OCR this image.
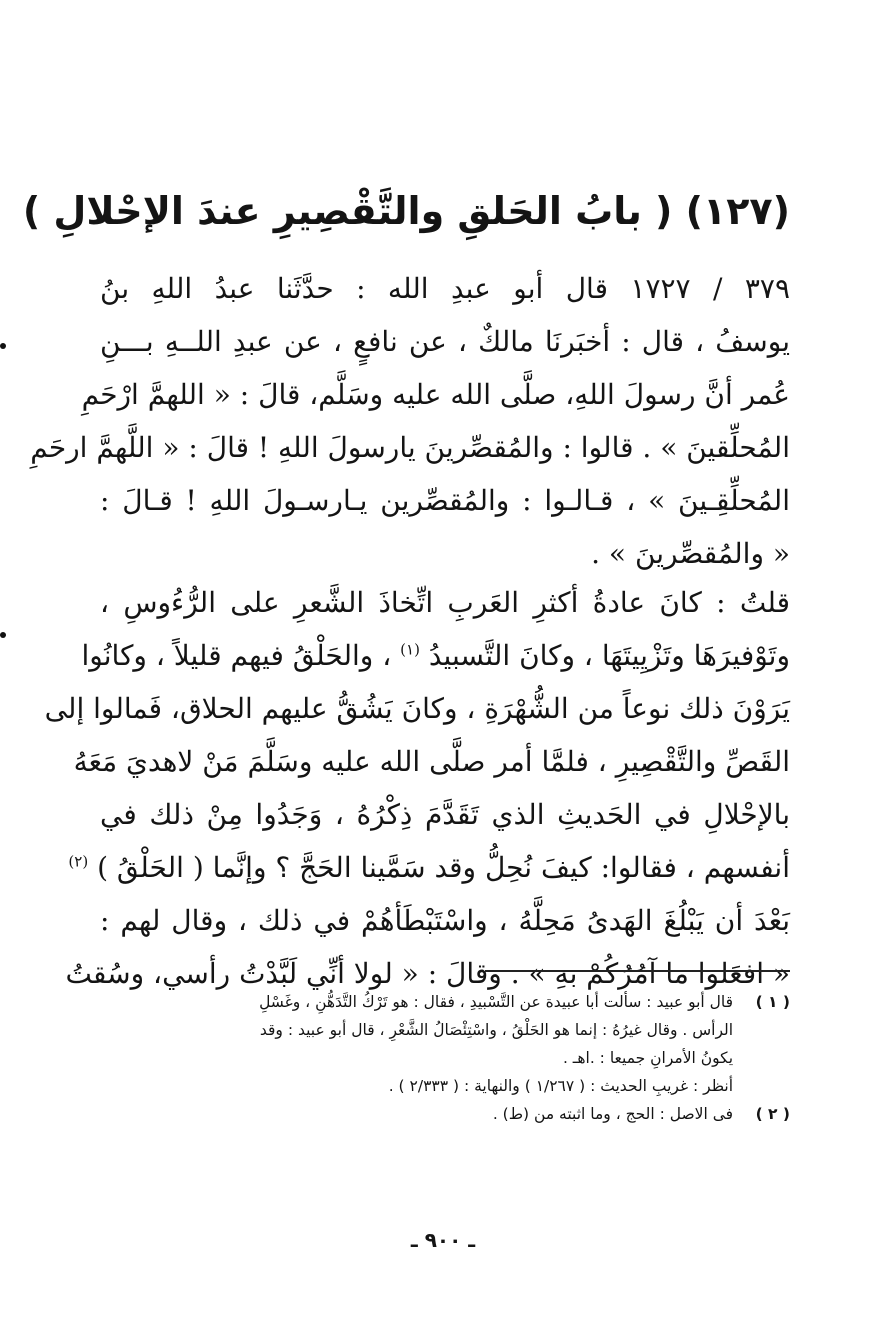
(١٢٧) ( بابُ الحَلقِ والتَّقْصِيرِ عندَ الإحْلالِ )
٣٧٩ / ١٧٢٧ قال أبو عبدِ الله : حدَّثَنا عبدُ اللهِ بنُ
يوسفُ ، قال : أخبَرنَا مالكٌ ، عن نافعٍ ، عن عبدِ اللــهِ بـــنِ
عُمر أنَّ رسولَ اللهِ، صلَّى الله عليه وسَلَّم، قالَ : « اللهمَّ ارْحَمِ
المُحلِّقينَ » . قالوا : والمُقصِّرينَ يارسولَ اللهِ ! قالَ : « اللَّهمَّ ارحَمِ
المُحلِّقِـينَ » ، قـالـوا : والمُقصِّرين يـارسـولَ اللهِ ! قـالَ :
« والمُقصِّرينَ » .
قلتُ : كانَ عادةُ أكثرِ العَربِ اتِّخاذَ الشَّعرِ على الرُّءُوسِ ،
وتَوْفيرَهَا وتَزْيِيتَهَا ، وكانَ التَّسبيدُ $^{(١)}$ ، والحَلْقُ فيهم قليلاً ، وكانُوا
يَرَوْنَ ذلك نوعاً من الشُّهْرَةِ ، وكانَ يَشُقُّ عليهم الحلاق، فَمالوا إلى
القَصِّ والتَّقْصِيرِ ، فلمَّا أمر صلَّى الله عليه وسَلَّمَ مَنْ لاهديَ مَعَهُ
بالإحْلالِ في الحَديثِ الذي تَقَدَّمَ ذِكْرُهُ ، وَجَدُوا مِنْ ذلك في
أنفسهم ، فقالوا: كيفَ نُحِلُّ وقد سَمَّينا الحَجَّ ؟ وإنَّما ( الحَلْقُ ) $^{(٢)}$
بَعْدَ أن يَبْلُغَ الهَدىُ مَحِلَّهُ ، واسْتَبْطَأهُمْ في ذلك ، وقال لهم :
« افعَلوا ما آمُرُكُمْ بهِ » . وقالَ : « لولا أنِّي لَبَّدْتُ رأسي، وسُقتُ
( ١ ) قال أبو عبيد : سألت أبا عبيدة عن التَّسْبيدِ ، فقال : هو تَرْكُ التَّدَهُّنِ ، وغَسْلِ
الرأس . وقال غيرُهُ : إنما هو الحَلْقُ ، واسْتِئْصَالُ الشَّعْرِ ، قال أبو عبيد : وقد
يكونُ الأمرانِ جميعا : .اهـ .
أنظر : غريبِ الحديث : ( ١/٢٦٧ ) والنهاية : ( ٢/٣٣٣ ) .
( ٢ ) فى الاصل : الحج ، وما اثبته من (ط) .
ـ ٩٠٠ ـ
